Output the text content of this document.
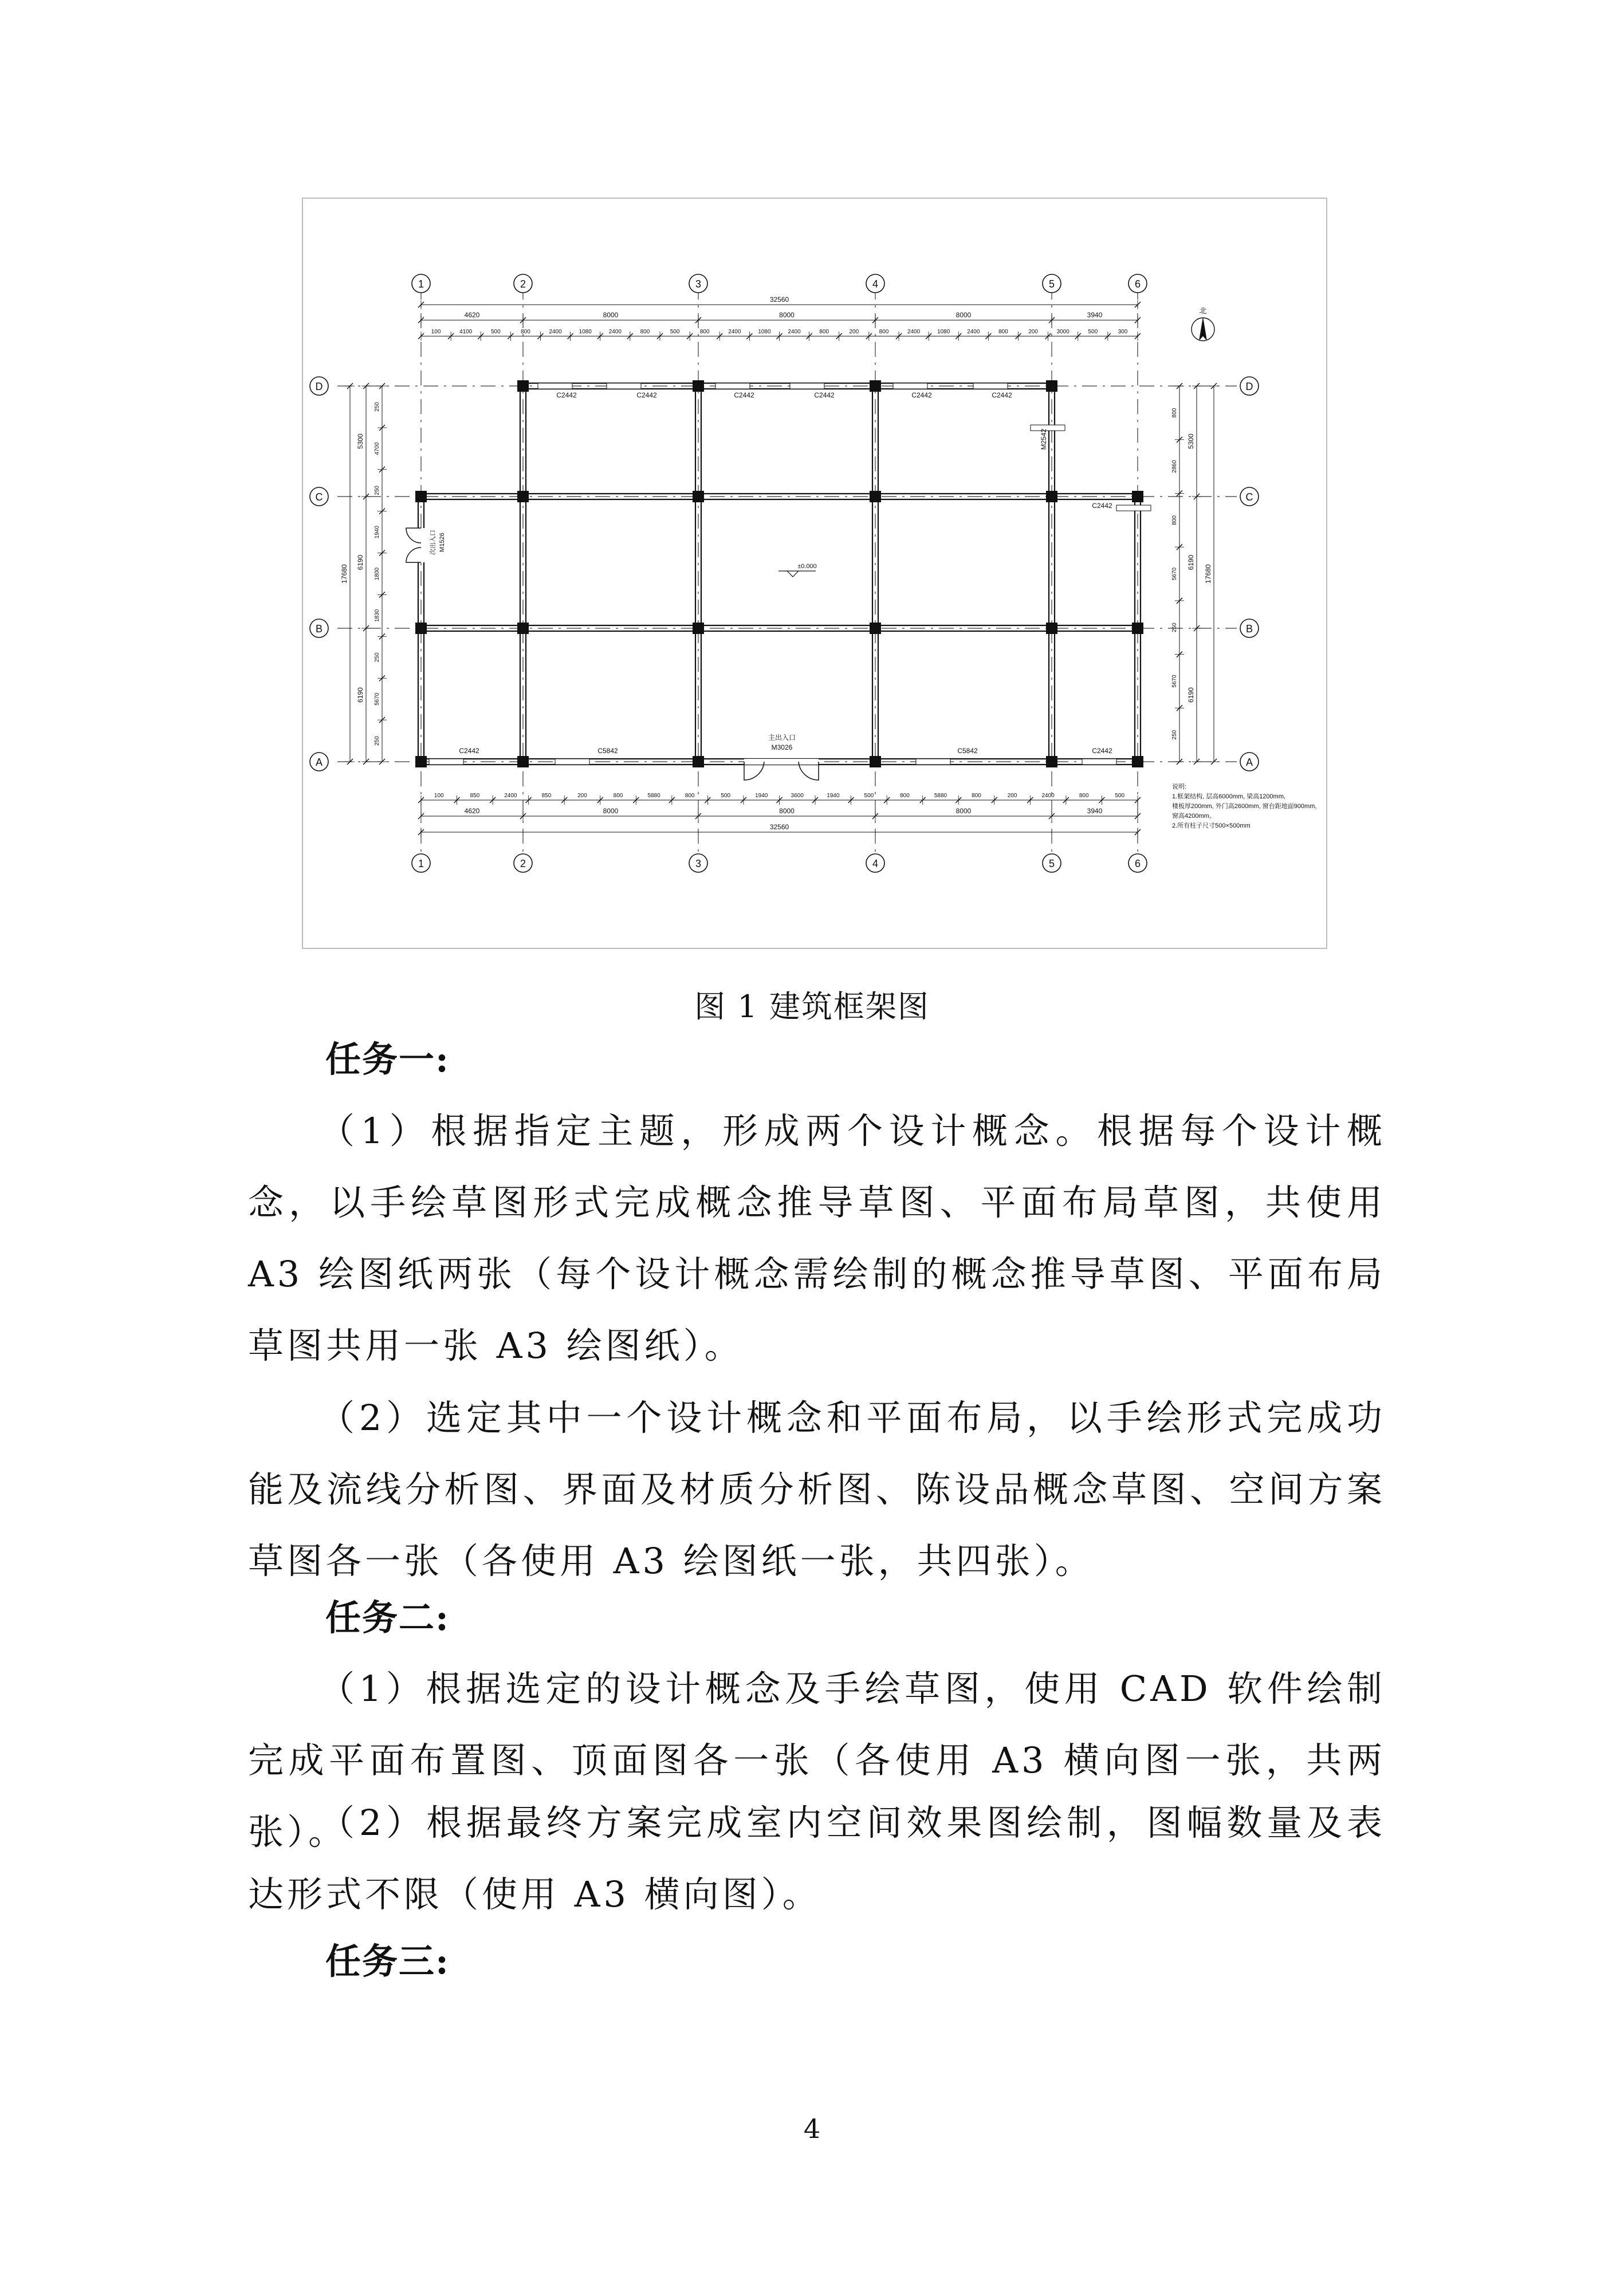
C2442	C2442	C2442	C2442	C2442	C2442
M2542
C2442
C2442	C5842	C5842	C2442
主出入口
M3026
次出入口 M1526
±0.000
1
1
2
2
3
3
4
4
5
5
6
6
D	D
C	C
B	B
A	A
32560
4620	8000	8000	8000	3940
100	4100	500	800	2400	1080	2400	800	500	800	2400	1080	2400	800	200	800	2400	1080	2400	800	200	3000	500	300
100	850	2400	850	200	800	5880	800	500	1940	3600	1940	500	800	5880	800	200	2400	800	500
4620	8000	8000	8000	3940
32560
17680
5300
6190
6190
250
4700
250
1940
1800
1830
250
5670
250
800
2860
800
5670
250
5670
250
5300
6190
6190
17680
北
说明:
1.框架结构, 层高6000mm, 梁高1200mm,
楼板厚200mm, 外门高2600mm, 窗台距地面900mm,
窗高4200mm。
2.所有柱子尺寸500×500mm
图 1 建筑框架图
任务一:

（1）根据指定主题，形成两个设计概念。根据每个设计概念，以手绘草图形式完成概念推导草图、平面布局草图，共使用 A3 绘图纸两张（每个设计概念需绘制的概念推导草图、平面布局草图共用一张 A3 绘图纸）。

（2）选定其中一个设计概念和平面布局，以手绘形式完成功能及流线分析图、界面及材质分析图、陈设品概念草图、空间方案草图各一张（各使用 A3 绘图纸一张，共四张）。

任务二:

（1）根据选定的设计概念及手绘草图，使用 CAD 软件绘制完成平面布置图、顶面图各一张（各使用 A3 横向图一张，共两张）。

（2）根据最终方案完成室内空间效果图绘制，图幅数量及表达形式不限（使用 A3 横向图）。

任务三:
4
